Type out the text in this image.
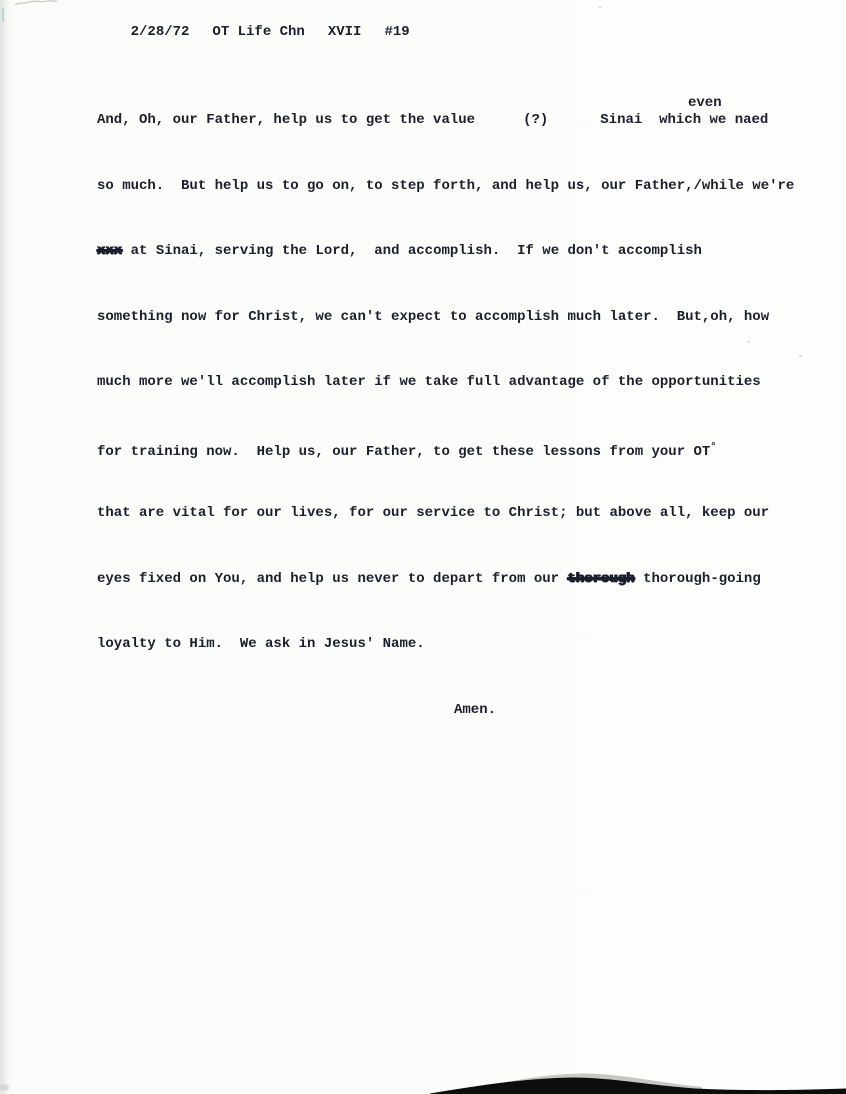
2/28/72 OT Life Chn XVII #19

even

And, Oh, our Father, help us to get the value	(?)	Sinai  which we naed

so much.  But help us to go on, to step forth, and help us, our Father,/while we're

xxx at Sinai, serving the Lord,  and accomplish.  If we don't accomplish

something now for Christ, we can't expect to accomplish much later.  But,oh, how

much more we'll accomplish later if we take full advantage of the opportunities

for training now.  Help us, our Father, to get these lessons from your OT°

that are vital for our lives, for our service to Christ; but above all, keep our

eyes fixed on You, and help us never to depart from our thorough thorough-going

loyalty to Him.  We ask in Jesus' Name.

Amen.
